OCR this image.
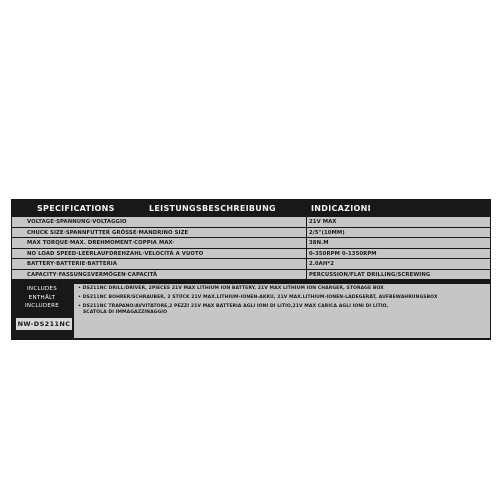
SPECIFICATIONS	LEISTUNGSBESCHREIBUNG	INDICAZIONI
VOLTAGE·SPANNUNG·VOLTAGGIO	21V MAX
CHUCK SIZE·SPANNFUTTER GRÖSSE·MANDRINO SIZE	2/5"(10MM)
MAX TORQUE·MAX. DREHMOMENT·COPPIA MAX·	38N.M
NO LOAD SPEED·LEERLAUFDREHZAHL·VELOCITÀ A VUOTO	0-350RPM 0-1350RPM
BATTERY·BATTERIE·BATTERIA	2.0AH*2
CAPACITY·FASSUNGSVERMÖGEN·CAPACITÀ	PERCUSSION/FLAT DRILLING/SCREWING
INCLUDES
ENTHÄLT
INCLUDERE
NW-DS211NC
• DS211NC DRILL/DRIVER, 2PIECES 21V MAX LITHIUM ION BATTERY, 21V MAX LITHIUM ION CHARGER, STORAGE BOX
• DS211NC BOHRER/SCHRAUBER, 2 STÜCK 21V MAX.LITHIUM-IONEN-AKKU, 21V MAX.LITHIUM-IONEN-LADEGERÄT, AUFBEWAHRUNGSBOX
• DS211NC TRAPANO/AVVITATORE,2 PEZZI 21V MAX BATTERIA AGLI IONI DI LITIO,21V MAX CARICA AGLI IONI DI LITIO,
SCATOLA DI IMMAGAZZINAGGIO
